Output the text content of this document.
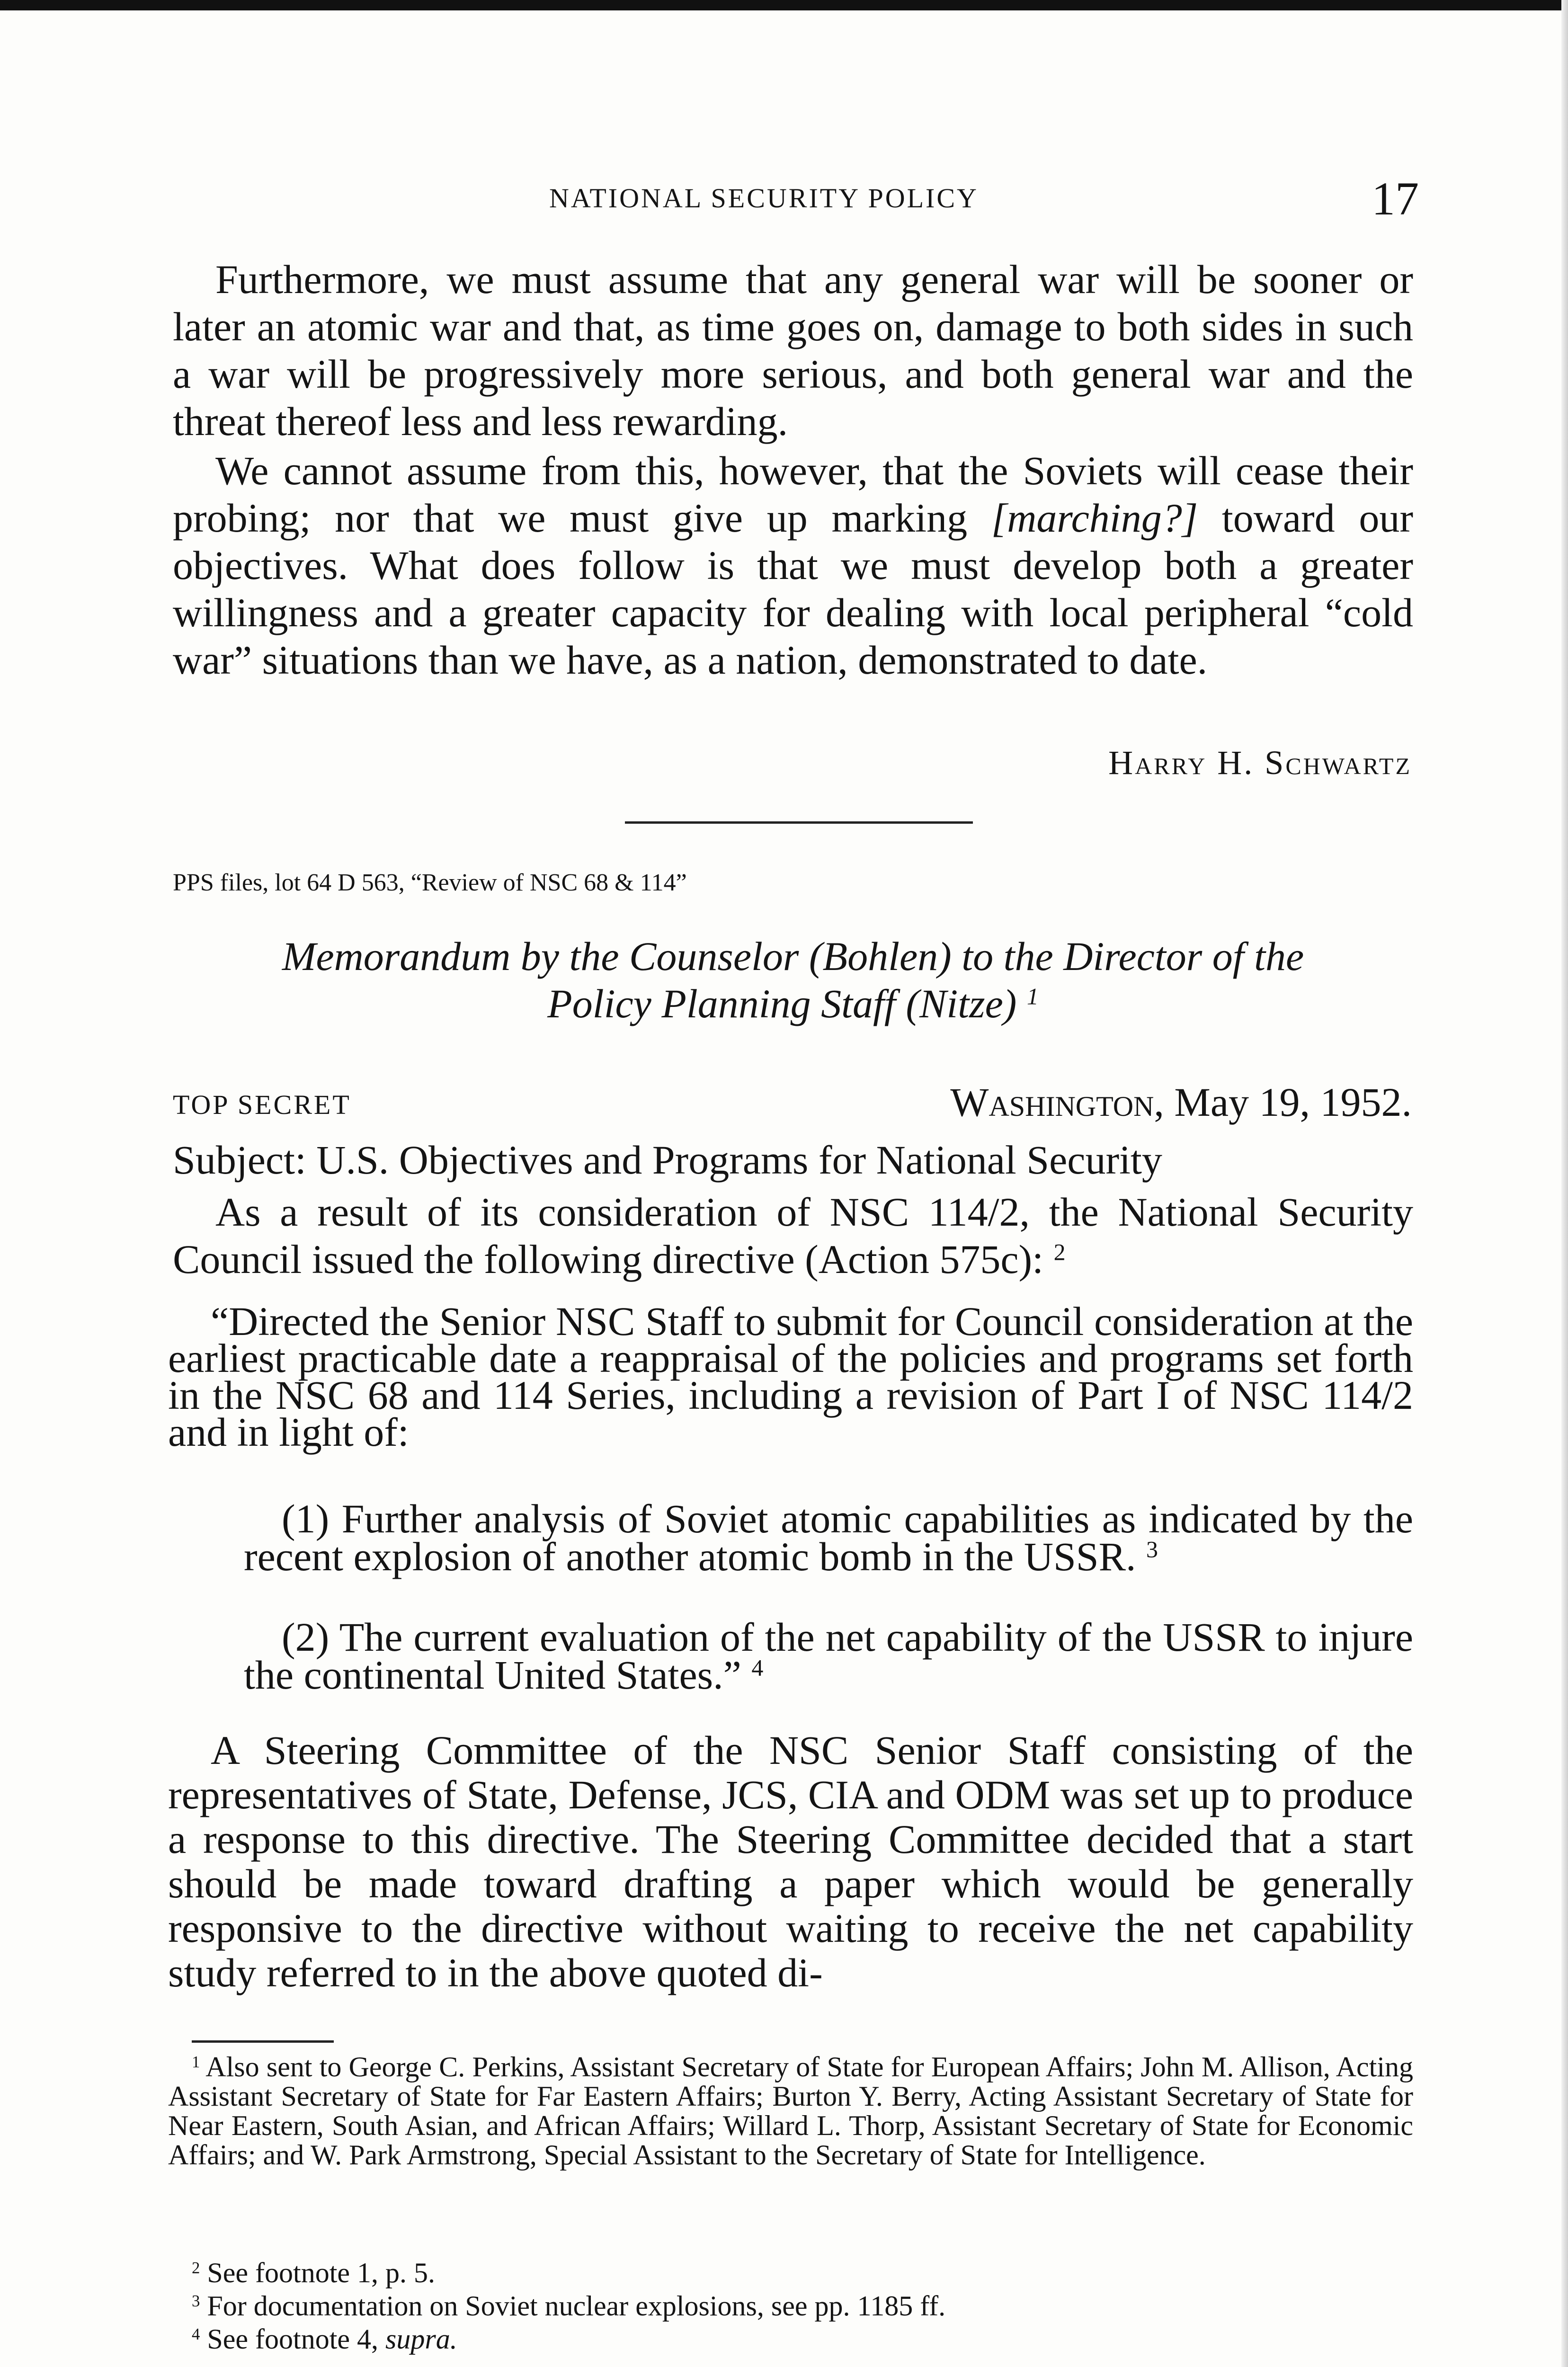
NATIONAL SECURITY POLICY	17

Furthermore, we must assume that any general war will be sooner or later an atomic war and that, as time goes on, damage to both sides in such a war will be progressively more serious, and both general war and the threat thereof less and less rewarding.

We cannot assume from this, however, that the Soviets will cease their probing; nor that we must give up marking [marching?] toward our objectives. What does follow is that we must develop both a greater willingness and a greater capacity for dealing with local peripheral “cold war” situations than we have, as a nation, demonstrated to date.

Harry H. Schwartz
PPS files, lot 64 D 563, “Review of NSC 68 & 114”
Memorandum by the Counselor (Bohlen) to the Director of the
Policy Planning Staff (Nitze) $^1$
TOP SECRET	Washington, May 19, 1952.

Subject: U.S. Objectives and Programs for National Security

As a result of its consideration of NSC 114/2, the National Security Council issued the following directive (Action 575c): $^2$

“Directed the Senior NSC Staff to submit for Council consideration at the earliest practicable date a reappraisal of the policies and programs set forth in the NSC 68 and 114 Series, including a revision of Part I of NSC 114/2 and in light of:

(1) Further analysis of Soviet atomic capabilities as indicated by the recent explosion of another atomic bomb in the USSR. $^3$

(2) The current evaluation of the net capability of the USSR to injure the continental United States.” $^4$

A Steering Committee of the NSC Senior Staff consisting of the representatives of State, Defense, JCS, CIA and ODM was set up to produce a response to this directive. The Steering Committee decided that a start should be made toward drafting a paper which would be generally responsive to the directive without waiting to receive the net capability study referred to in the above quoted di-

$^1$ Also sent to George C. Perkins, Assistant Secretary of State for European Affairs; John M. Allison, Acting Assistant Secretary of State for Far Eastern Affairs; Burton Y. Berry, Acting Assistant Secretary of State for Near Eastern, South Asian, and African Affairs; Willard L. Thorp, Assistant Secretary of State for Economic Affairs; and W. Park Armstrong, Special Assistant to the Secretary of State for Intelligence.

$^2$ See footnote 1, p. 5.

$^3$ For documentation on Soviet nuclear explosions, see pp. 1185 ff.

$^4$ See footnote 4, supra.
